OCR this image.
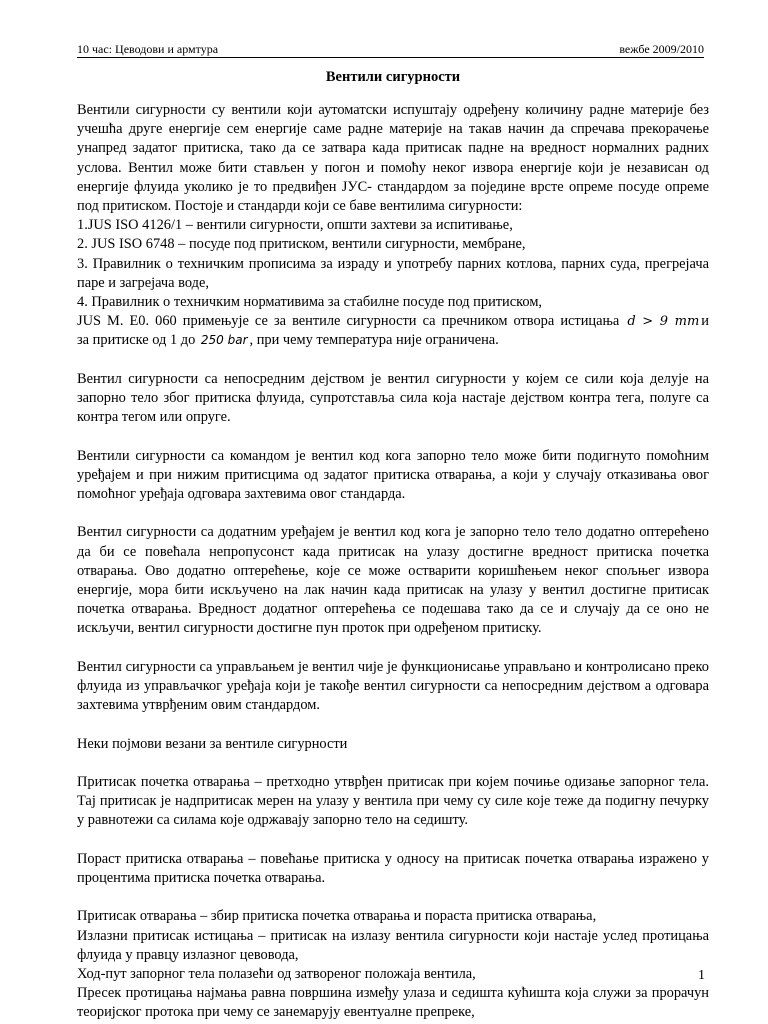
10 час: Цеводови и армтура	вежбе 2009/2010
Вентили сигурности

Вентили сигурности су вентили који аутоматски испуштају одређену количину радне материје без учешћа друге енергије сем енергије саме радне материје на такав начин да спречава прекорачење унапред задатог притиска, тако да се затвара када притисак падне на вредност нормалних радних услова. Вентил може бити стављен у погон и помоћу неког извора енергије који је независан од енергије флуида уколико је то предвиђен ЈУС- стандардом за поједине врсте опреме посуде опреме под притиском. Постоје и стандарди који се баве вентилима сигурности:
1.JUS ISO 4126/1 – вентили сигурности, општи захтеви за испитивање,
2. JUS ISO 6748 – посуде под притиском, вентили сигурности, мембране,
3. Правилник о техничким прописима за израду и употребу парних котлова, парних суда, прегрејача паре и загрејача воде,
4. Правилник о техничким нормативима за стабилне посуде под притиском,

JUS M. E0. 060 примењује се за вентиле сигурности са пречником отвора истицања d > 9 mm и

за притиске од 1 до 250 bar , при чему температура није ограничена.

Вентил сигурности са непосредним дејством је вентил сигурности у којем се сили која делује на запорно тело због притиска флуида, супротставља сила која настаје дејством контра тега, полуге са контра тегом или опруге.

Вентили сигурности са командом је вентил код кога запорно тело може бити подигнуто помоћним уређајем и при нижим притисцима од задатог притиска отварања, а који у случају отказивања овог помоћног уређаја одговара захтевима овог стандарда.

Вентил сигурности са додатним уређајем је вентил код кога је запорно тело тело додатно оптерећено да би се повећала непропусонст када притисак на улазу достигне вредност притиска почетка отварања. Ово додатно оптерећење, које се може остварити коришћењем неког спољњег извора енергије, мора бити искључено на лак начин када притисак на улазу у вентил достигне притисак почетка отварања. Вредност додатног оптерећења се подешава тако да се и случају да се оно не искључи, вентил сигурности достигне пун проток при одређеном притиску.

Вентил сигурности са управљањем је вентил чије је функционисање управљано и контролисано преко флуида из управљачког уређаја који је такође вентил сигурности са непосредним дејством а одговара захтевима утврђеним овим стандардом.

Неки појмови везани за вентиле сигурности

Притисак почетка отварања – претходно утврђен притисак при којем почиње одизање запорног тела. Тај притисак је надпритисак мерен на улазу у вентила при чему су силе које теже да подигну печурку у равнотежи са силама које одржавају запорно тело на седишту.

Пораст притиска отварања – повећање притиска у односу на притисак почетка отварања изражено у процентима притиска почетка отварања.

Притисак отварања – збир притиска почетка отварања и пораста притиска отварања,
Излазни притисак истицања – притисак на излазу вентила сигурности који настаје услед протицања флуида у правцу излазног цевовода,
Ход-пут запорног тела полазећи од затвореног положаја вентила,
Пресек протицања најмања равна површина између улаза и седишта кућишта која служи за прорачун теоријског протока при чему се занемарују евентуалне препреке,

1
